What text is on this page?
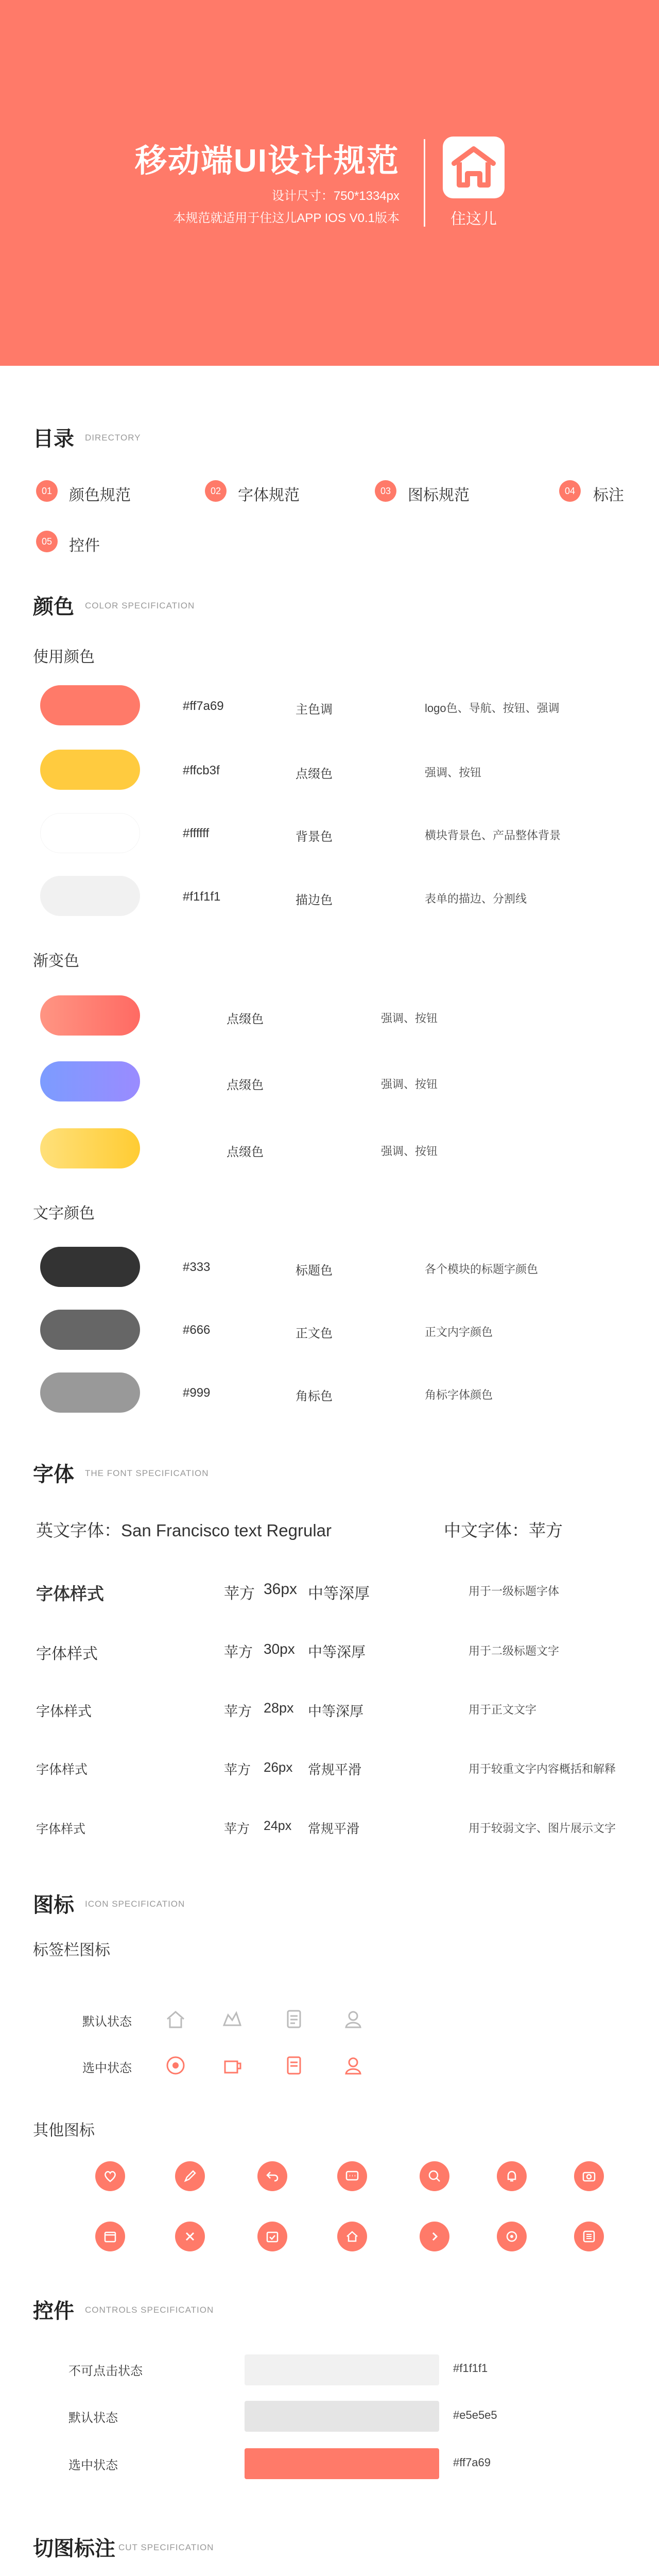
移动端UI设计规范
设计尺寸：750*1334px
本规范就适用于住这儿APP IOS V0.1版本	住这儿
目录 DIRECTORY
01	颜色规范	02	字体规范	03	图标规范	04	标注
05	控件
颜色 COLOR SPECIFICATION
使用颜色
#ff7a69	主色调	logo色、导航、按钮、强调
#ffcb3f	点缀色	强调、按钮
#ffffff	背景色	横块背景色、产品整体背景
#f1f1f1	描边色	表单的描边、分割线
渐变色
点缀色	强调、按钮
点缀色	强调、按钮
点缀色	强调、按钮
文字颜色
#333	标题色	各个模块的标题字颜色
#666	正文色	正文内字颜色
#999	角标色	角标字体颜色
字体 THE FONT SPECIFICATION
英文字体：San Francisco text Regrular	中文字体：苹方
字体样式	苹方 36px 中等深厚	用于一级标题字体
字体样式	苹方 30px 中等深厚	用于二级标题文字
字体样式	苹方 28px 中等深厚	用于正文文字
字体样式	苹方 26px 常规平滑	用于较重文字内容概括和解释
字体样式	苹方 24px 常规平滑	用于较弱文字、图片展示文字
图标 ICON SPECIFICATION
标签栏图标
默认状态
选中状态
其他图标
控件 CONTROLS SPECIFICATION
不可点击状态	#f1f1f1
默认状态	#e5e5e5
选中状态	#ff7a69
切图标注 CUT SPECIFICATION
